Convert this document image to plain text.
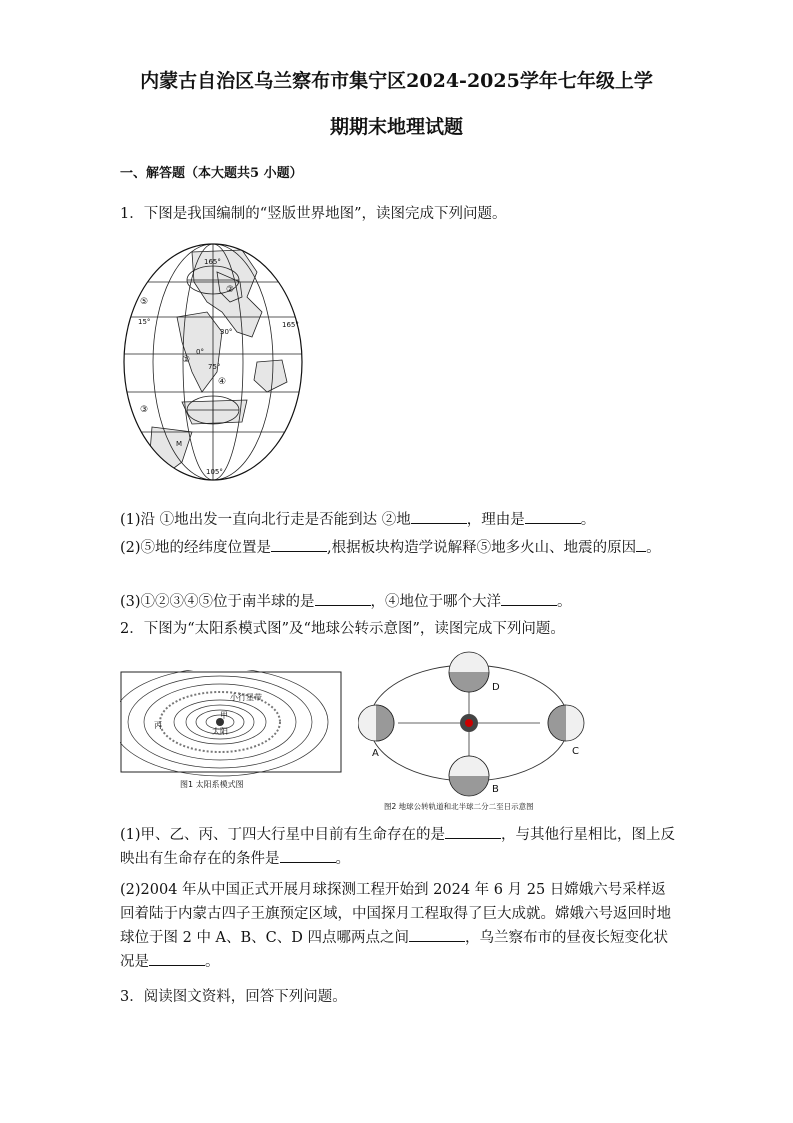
内蒙古自治区乌兰察布市集宁区2024-2025学年七年级上学
期期末地理试题
一、解答题（本大题共5 小题）
1．下图是我国编制的“竖版世界地图”，读图完成下列问题。
165°
165°
15°
30°
0°
75°
105°
⑤
④
③
②
①
M
(1)沿 ①地出发一直向北行走是否能到达 ②地	，理由是	。
(2)⑤地的经纬度位置是	,根据板块构造学说解释⑤地多火山、地震的原因 。
(3)①②③④⑤位于南半球的是	，④地位于哪个大洋	。
2．下图为“太阳系模式图”及“地球公转示意图”，读图完成下列问题。
太阳
甲
丙
小行星带
图1 太阳系模式图
D
B
A	C
图2 地球公转轨道和北半球二分二至日示意图
(1)甲、乙、丙、丁四大行星中目前有生命存在的是	，与其他行星相比，图上反映出有生命存在的条件是	。
(2)2004 年从中国正式开展月球探测工程开始到 2024 年 6 月 25 日嫦娥六号采样返回着陆于内蒙古四子王旗预定区域，中国探月工程取得了巨大成就。嫦娥六号返回时地球位于图 2 中 A、B、C、D 四点哪两点之间	，乌兰察布市的昼夜长短变化状况是	。
3．阅读图文资料，回答下列问题。
